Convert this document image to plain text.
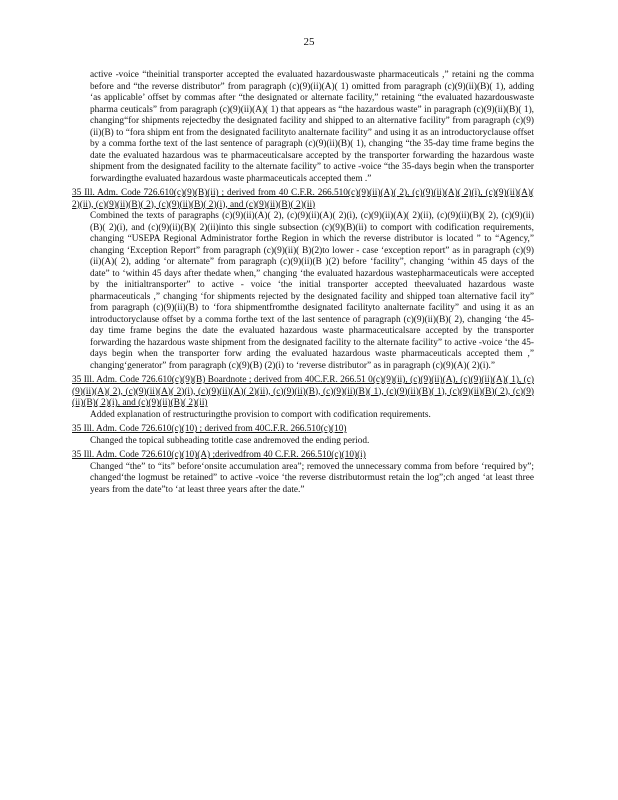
25

active -voice “theinitial transporter accepted the evaluated hazardouswaste pharmaceuticals ,” retaini ng the comma before and “the reverse distributor” from paragraph (c)(9)(ii)(A)( 1) omitted from paragraph (c)(9)(ii)(B)( 1), adding ‘as applicable’ offset by commas after “the designated or alternate facility,” retaining “the evaluated hazardouswaste pharma ceuticals” from paragraph (c)(9)(ii)(A)( 1) that appears as “the hazardous waste” in paragraph (c)(9)(ii)(B)( 1), changing“for shipments rejectedby the designated facility and shipped to an alternative facility” from paragraph (c)(9)(ii)(B) to “fora shipm ent from the designated facilityto analternate facility” and using it as an introductoryclause offset by a comma forthe text of the last sentence of paragraph (c)(9)(ii)(B)( 1), changing “the 35-day time frame begins the date the evaluated hazardous was te pharmaceuticalsare accepted by the transporter forwarding the hazardous waste shipment from the designated facility to the alternate facility” to active -voice “the 35-days begin when the transporter forwardingthe evaluated hazardous waste pharmaceuticals accepted them .”

35 Ill. Adm. Code 726.610(c)(9)(B)(ii) ; derived from 40 C.F.R. 266.510(c)(9)(ii)(A)( 2), (c)(9)(ii)(A)( 2)(i), (c)(9)(ii)(A)( 2)(ii), (c)(9)(ii)(B)( 2), (c)(9)(ii)(B)( 2)(i), and (c)(9)(ii)(B)( 2)(ii)

Combined the texts of paragraphs (c)(9)(ii)(A)( 2), (c)(9)(ii)(A)( 2)(i), (c)(9)(ii)(A)( 2)(ii), (c)(9)(ii)(B)( 2), (c)(9)(ii)(B)( 2)(i), and (c)(9)(ii)(B)( 2)(ii)into this single subsection (c)(9)(B)(ii) to comport with codification requirements, changing “USEPA Regional Administrator forthe Region in which the reverse distributor is located ” to “Agency,” changing ‘Exception Report” from paragraph (c)(9)(ii)( B)(2)to lower - case ‘exception report” as in paragraph (c)(9)(ii)(A)( 2), adding ‘or alternate” from paragraph (c)(9)(ii)(B )(2) before ‘facility”, changing ‘within 45 days of the date” to ‘within 45 days after thedate when,” changing ‘the evaluated hazardous wastepharmaceuticals were accepted by the initialtransporter” to active - voice ‘the initial transporter accepted theevaluated hazardous waste pharmaceuticals ,” changing ‘for shipments rejected by the designated facility and shipped toan alternative facil ity” from paragraph (c)(9)(ii)(B) to ‘fora shipmentfromthe designated facilityto analternate facility” and using it as an introductoryclause offset by a comma forthe text of the last sentence of paragraph (c)(9)(ii)(B)( 2), changing ‘the 45-day time frame begins the date the evaluated hazardous waste pharmaceuticalsare accepted by the transporter forwarding the hazardous waste shipment from the designated facility to the alternate facility” to active -voice ‘the 45-days begin when the transporter forw arding the evaluated hazardous waste pharmaceuticals accepted them ,” changing‘generator” from paragraph (c)(9)(B) (2)(i) to ‘reverse distributor” as in paragraph (c)(9)(A)( 2)(i).”

35 Ill. Adm. Code 726.610(c)(9)(B) Boardnote ; derived from 40C.F.R. 266.51 0(c)(9)(ii), (c)(9)(ii)(A), (c)(9)(ii)(A)( 1), (c)(9)(ii)(A)( 2), (c)(9)(ii)(A)( 2)(i), (c)(9)(ii)(A)( 2)(ii), (c)(9)(ii)(B), (c)(9)(ii)(B)( 1), (c)(9)(ii)(B)( 1), (c)(9)(ii)(B)( 2), (c)(9)(ii)(B)( 2)(i), and (c)(9)(ii)(B)( 2)(ii)

Added explanation of restructuringthe provision to comport with codification requirements.

35 Ill. Adm. Code 726.610(c)(10) ; derived from 40C.F.R. 266.510(c)(10)

Changed the topical subheading totitle case andremoved the ending period.

35 Ill. Adm. Code 726.610(c)(10)(A) ;derivedfrom 40 C.F.R. 266.510(c)(10)(i)

Changed “the” to “its” before‘onsite accumulation area”; removed the unnecessary comma from before ‘required by”; changed‘the logmust be retained” to active -voice ‘the reverse distributormust retain the log”;ch anged ‘at least three years from the date”to ‘at least three years after the date.”
